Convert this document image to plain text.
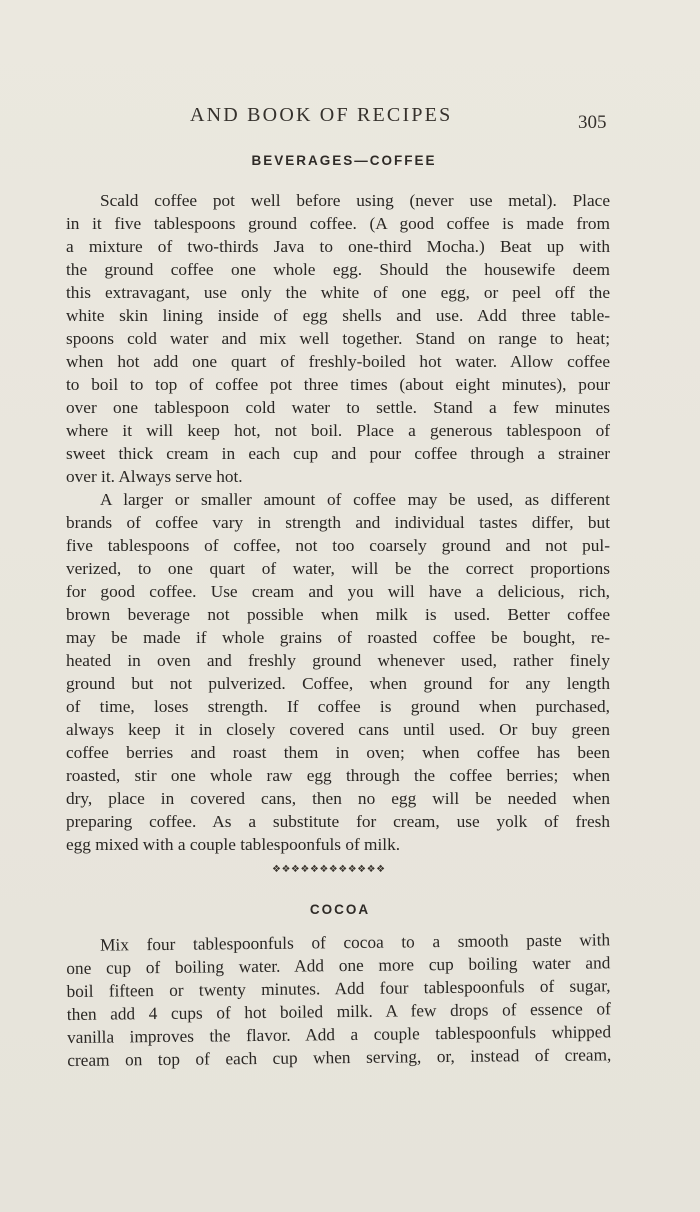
AND BOOK OF RECIPES	305
BEVERAGES—COFFEE
Scald coffee pot well before using (never use metal). Place
in it five tablespoons ground coffee. (A good coffee is made from
a mixture of two-thirds Java to one-third Mocha.) Beat up with
the ground coffee one whole egg. Should the housewife deem
this extravagant, use only the white of one egg, or peel off the
white skin lining inside of egg shells and use. Add three table-
spoons cold water and mix well together. Stand on range to heat;
when hot add one quart of freshly-boiled hot water. Allow coffee
to boil to top of coffee pot three times (about eight minutes), pour
over one tablespoon cold water to settle. Stand a few minutes
where it will keep hot, not boil. Place a generous tablespoon of
sweet thick cream in each cup and pour coffee through a strainer
over it. Always serve hot.
A larger or smaller amount of coffee may be used, as different
brands of coffee vary in strength and individual tastes differ, but
five tablespoons of coffee, not too coarsely ground and not pul-
verized, to one quart of water, will be the correct proportions
for good coffee. Use cream and you will have a delicious, rich,
brown beverage not possible when milk is used. Better coffee
may be made if whole grains of roasted coffee be bought, re-
heated in oven and freshly ground whenever used, rather finely
ground but not pulverized. Coffee, when ground for any length
of time, loses strength. If coffee is ground when purchased,
always keep it in closely covered cans until used. Or buy green
coffee berries and roast them in oven; when coffee has been
roasted, stir one whole raw egg through the coffee berries; when
dry, place in covered cans, then no egg will be needed when
preparing coffee. As a substitute for cream, use yolk of fresh
egg mixed with a couple tablespoonfuls of milk.
❖❖❖❖❖❖❖❖❖❖❖❖
COCOA
Mix four tablespoonfuls of cocoa to a smooth paste with
one cup of boiling water. Add one more cup boiling water and
boil fifteen or twenty minutes. Add four tablespoonfuls of sugar,
then add 4 cups of hot boiled milk. A few drops of essence of
vanilla improves the flavor. Add a couple tablespoonfuls whipped
cream on top of each cup when serving, or, instead of cream,
